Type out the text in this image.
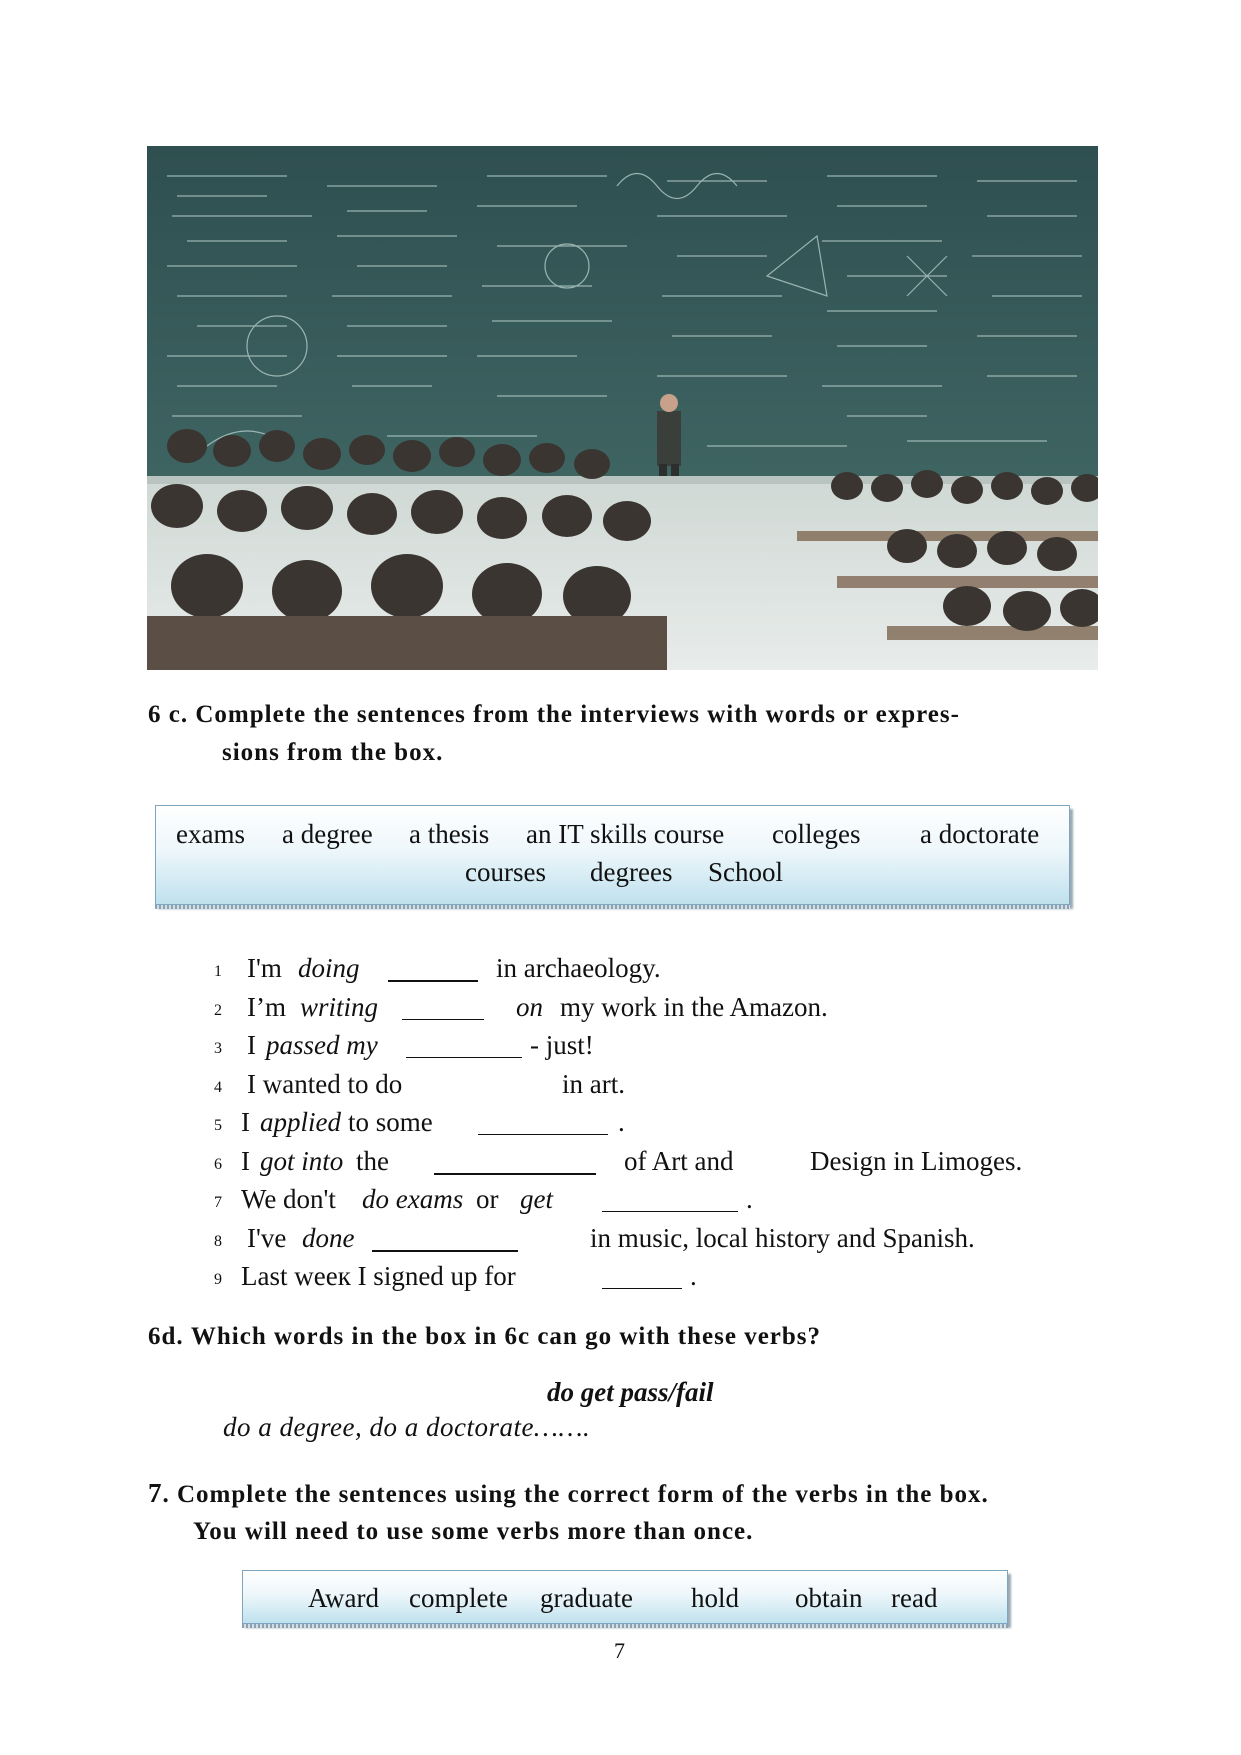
6 c. Complete the sentences from the interviews with words or expres-
sions from the box.
exams a degree a thesis an IT skills course colleges a doctorate
courses degrees School
1 I'm doing	in archaeology.
2 I’m writing	on my work in the Amazon.
3 I passed my	- just!
4 I wanted to do	in art.
5 I applied to some	.
6 I got into the	of Art and	Design in Limoges.
7 We don't do exams or get	.
8 I've done	in music, local history and Spanish.
9 Last weeк I signed up for	.
6d. Which words in the box in 6c can go with these verbs?
do get pass/fail
do a degree, do a doctorate…….
7. Complete the sentences using the correct form of the verbs in the box.
You will need to use some verbs more than once.
Award complete graduate hold obtain read
7
